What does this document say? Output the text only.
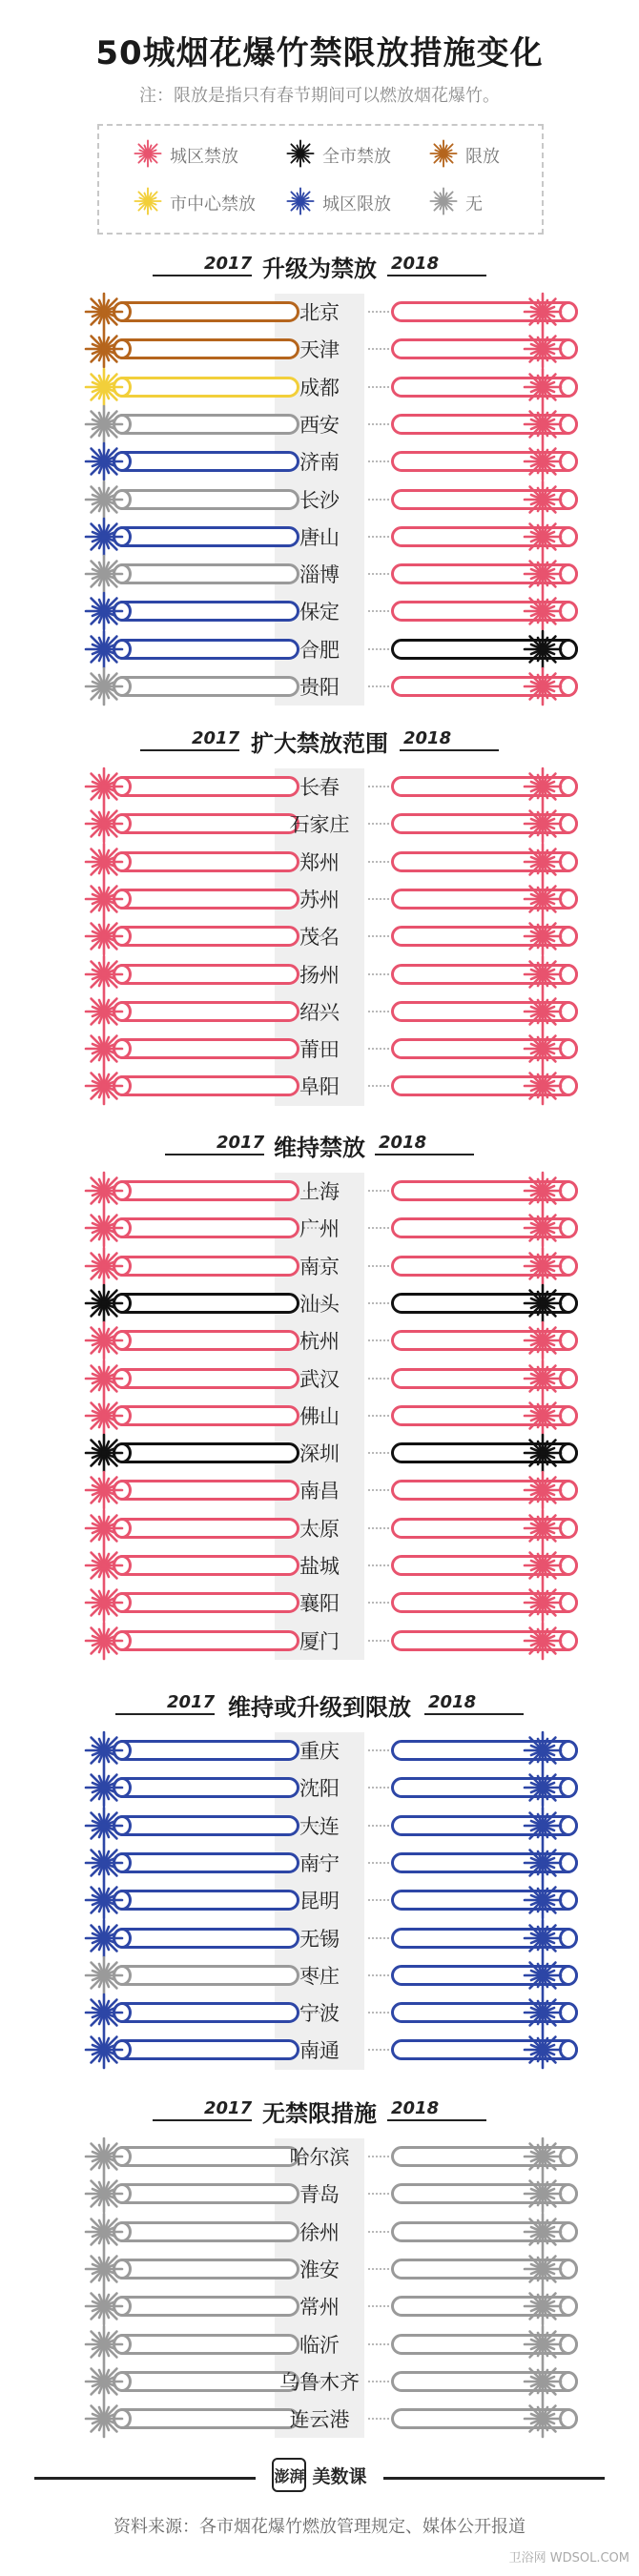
50城烟花爆竹禁限放措施变化
注：限放是指只有春节期间可以燃放烟花爆竹。
城区禁放	全市禁放	限放
市中心禁放	城区限放	无
2017	2018
升级为禁放
北京
天津
成都
西安
济南
长沙
唐山
淄博
保定
合肥
贵阳
2017	2018
扩大禁放范围
长春
石家庄
郑州
苏州
茂名
扬州
绍兴
莆田
阜阳
2017	2018
维持禁放
上海
广州
南京
汕头
杭州
武汉
佛山
深圳
南昌
太原
盐城
襄阳
厦门
2017	2018
维持或升级到限放
重庆
沈阳
大连
南宁
昆明
无锡
枣庄
宁波
南通
2017	2018
无禁限措施
哈尔滨
青岛
徐州
淮安
常州
临沂
乌鲁木齐
连云港
澎湃 美数课
资料来源：各市烟花爆竹燃放管理规定、媒体公开报道
卫浴网 WDSOL.COM
